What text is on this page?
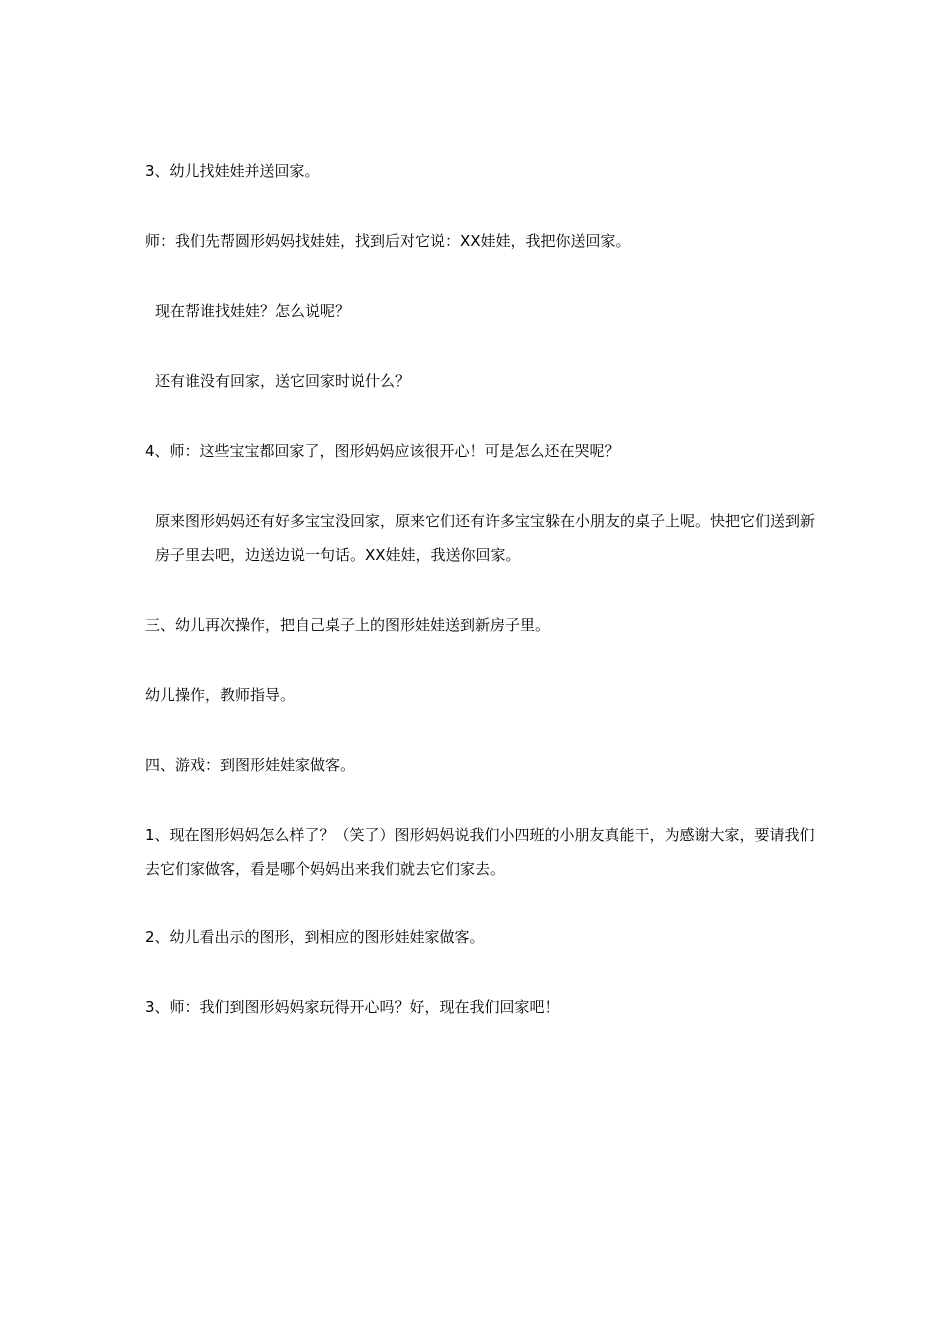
3、幼儿找娃娃并送回家。

师：我们先帮圆形妈妈找娃娃，找到后对它说：XX娃娃，我把你送回家。

现在帮谁找娃娃？怎么说呢？

还有谁没有回家，送它回家时说什么？

4、师：这些宝宝都回家了，图形妈妈应该很开心！可是怎么还在哭呢？

原来图形妈妈还有好多宝宝没回家，原来它们还有许多宝宝躲在小朋友的桌子上呢。快把它们送到新房子里去吧，边送边说一句话。XX娃娃，我送你回家。

三、幼儿再次操作，把自己桌子上的图形娃娃送到新房子里。

幼儿操作，教师指导。

四、游戏：到图形娃娃家做客。

1、现在图形妈妈怎么样了？（笑了）图形妈妈说我们小四班的小朋友真能干，为感谢大家，要请我们去它们家做客，看是哪个妈妈出来我们就去它们家去。

2、幼儿看出示的图形，到相应的图形娃娃家做客。

3、师：我们到图形妈妈家玩得开心吗？好，现在我们回家吧！
